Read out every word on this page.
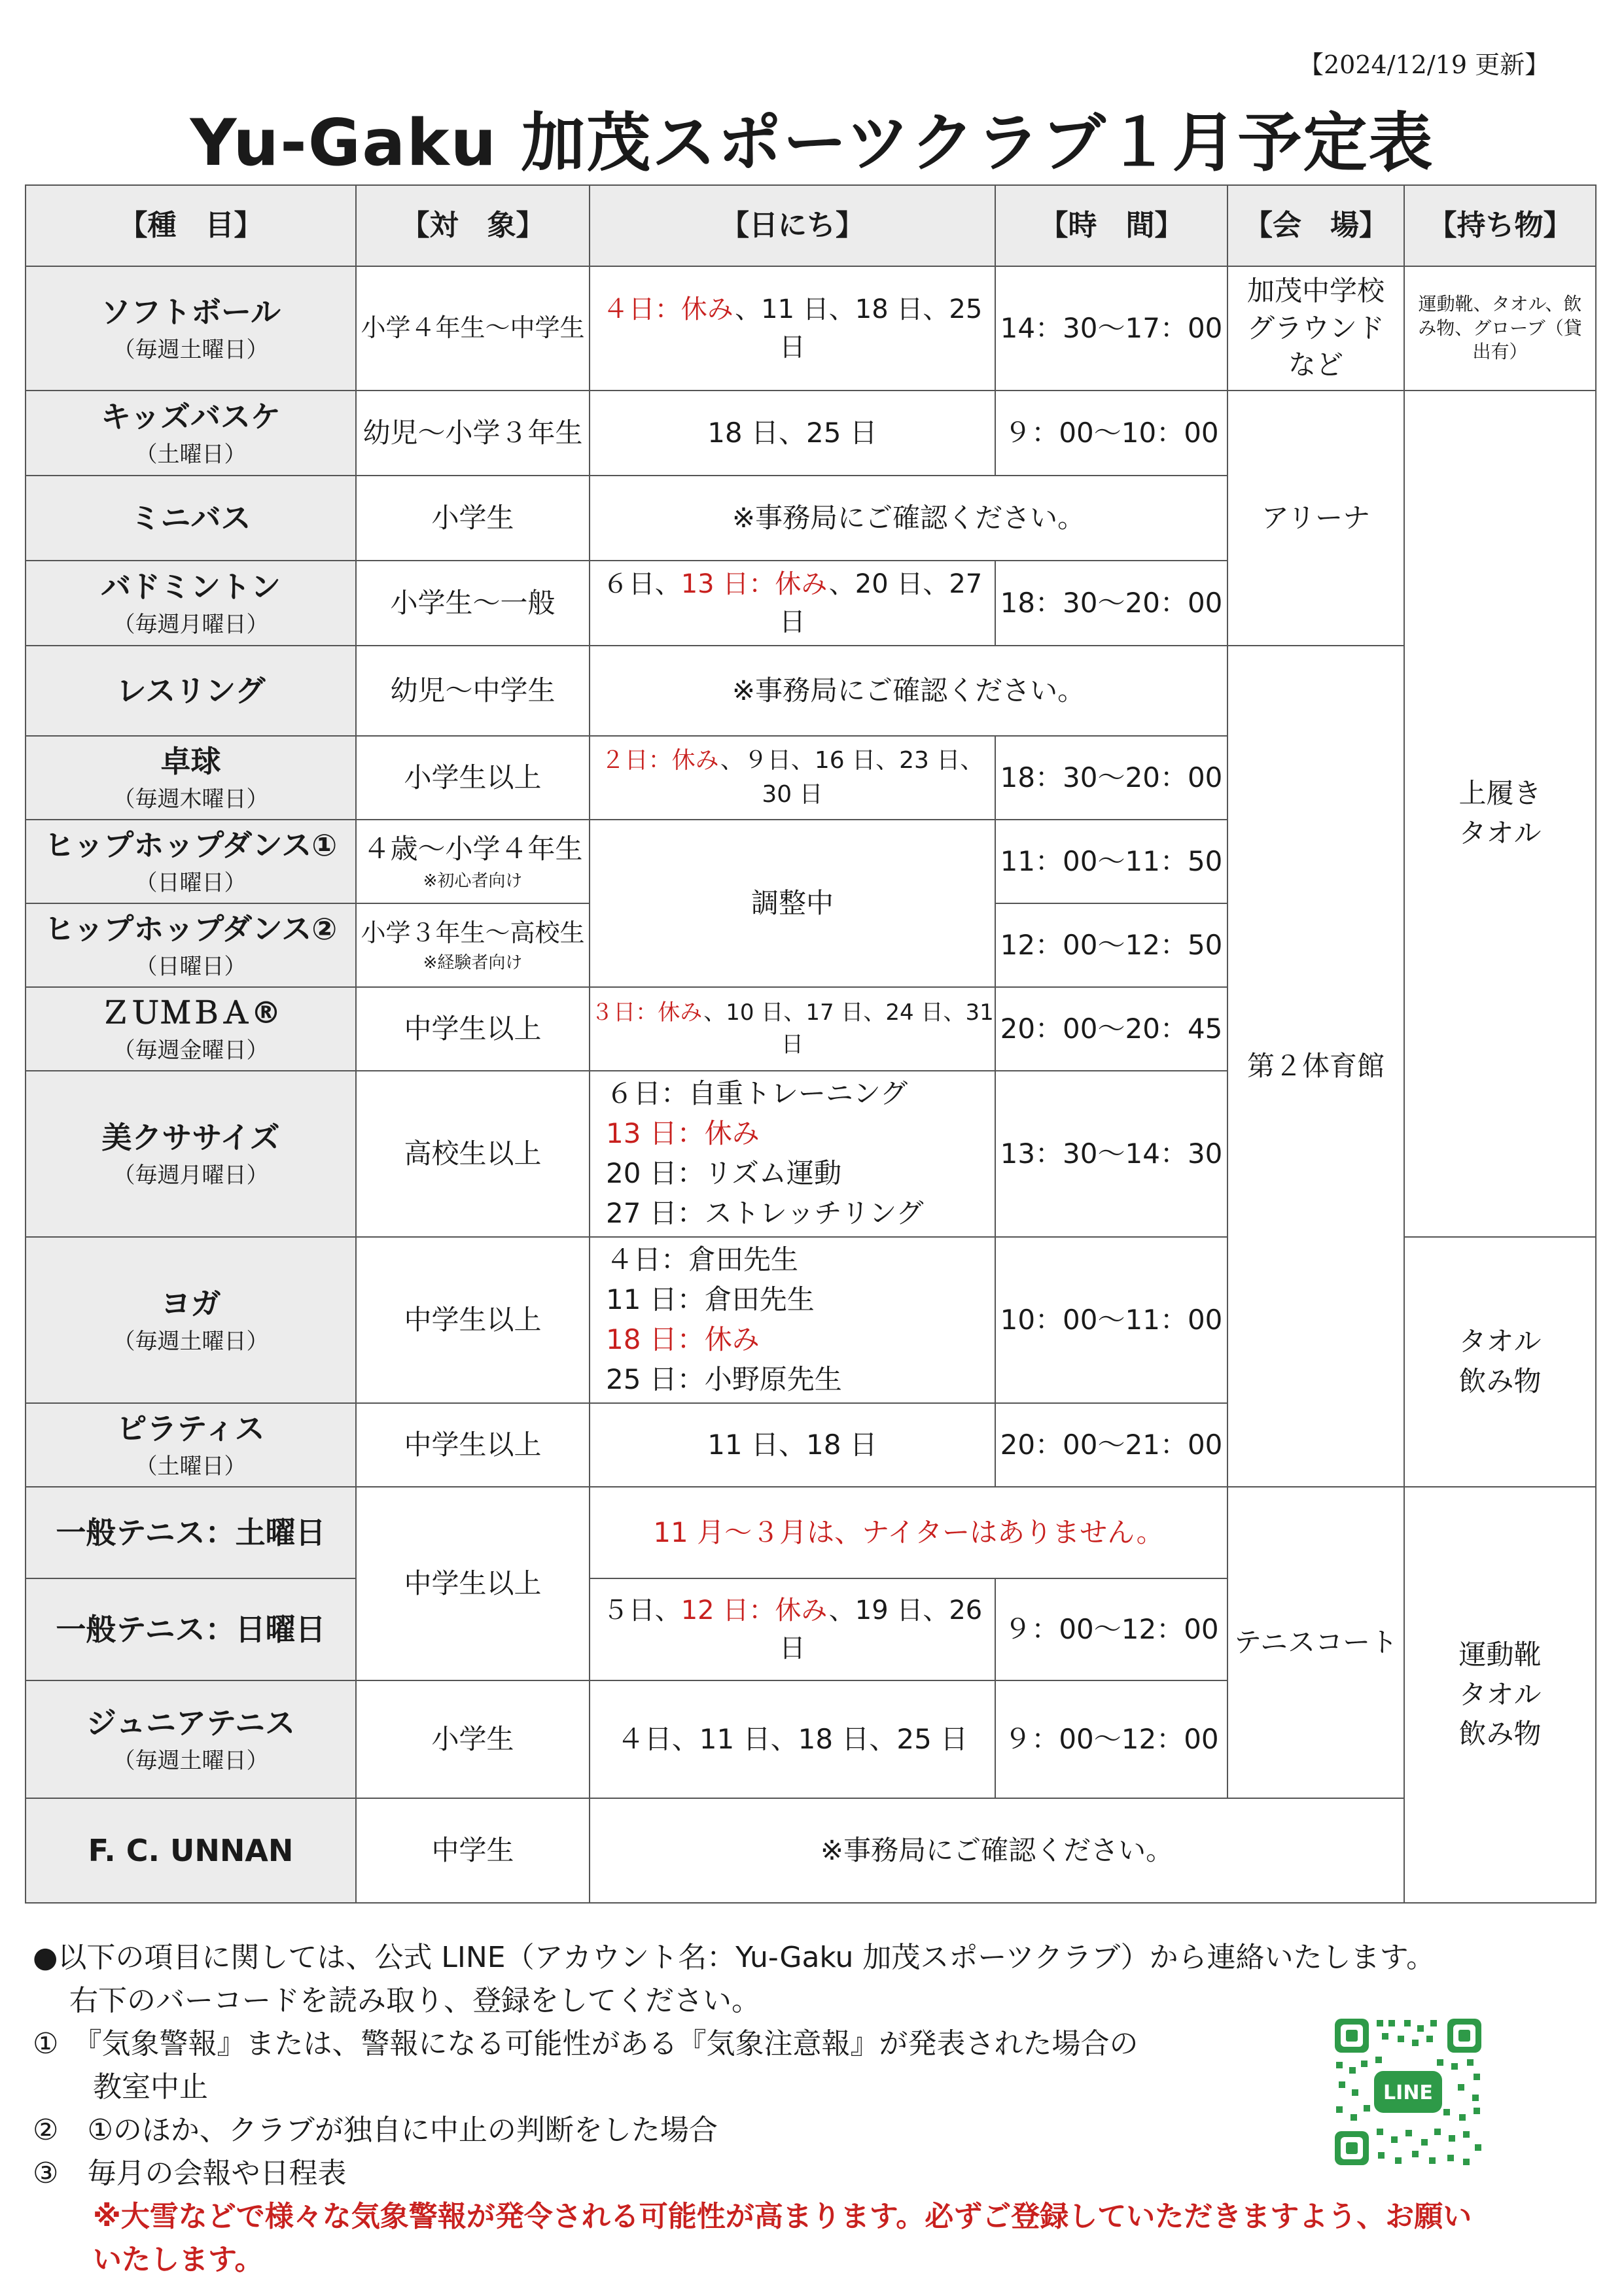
【2024/12/19 更新】
Yu-Gaku 加茂スポーツクラブ１月予定表
【種　目】	【対　象】	【日にち】	【時　間】	【会　場】	【持ち物】

ソフトボール
（毎週土曜日）	小学４年生～中学生	４日：休み、11 日、18 日、25 日	14：30～17：00	加茂中学校グラウンドなど	運動靴、タオル、飲み物、グローブ（貸出有）

キッズバスケ
（土曜日）	幼児～小学３年生	18 日、25 日	９：00～10：00	アリーナ	上履き
タオル

ミニバス	小学生	※事務局にご確認ください。			

バドミントン
（毎週月曜日）	小学生～一般	６日、13 日：休み、20 日、27 日	18：30～20：00		

レスリング	幼児～中学生	※事務局にご確認ください。		第２体育館	

卓球
（毎週木曜日）	小学生以上	２日：休み、９日、16 日、23 日、30 日	18：30～20：00		

ヒップホップダンス①
（日曜日）	４歳～小学４年生
※初心者向け	調整中	11：00～11：50		

ヒップホップダンス②
（日曜日）	小学３年生～高校生
※経験者向け		12：00～12：50		

ＺＵＭＢＡ®
（毎週金曜日）	中学生以上	３日：休み、10 日、17 日、24 日、31 日	20：00～20：45		

美クササイズ
（毎週月曜日）	高校生以上	６日：自重トレーニング
13 日：休み
20 日：リズム運動
27 日：ストレッチリング	13：30～14：30		

ヨガ
（毎週土曜日）	中学生以上	４日：倉田先生
11 日：倉田先生
18 日：休み
25 日：小野原先生	10：00～11：00		タオル
飲み物

ピラティス
（土曜日）	中学生以上	11 日、18 日	20：00～21：00		

一般テニス：土曜日	中学生以上	11 月～３月は、ナイターはありません。		テニスコート	運動靴
タオル
飲み物

一般テニス：日曜日		５日、12 日：休み、19 日、26 日	９：00～12：00		

ジュニアテニス
（毎週土曜日）	小学生	４日、11 日、18 日、25 日	９：00～12：00		

F. C. UNNAN	中学生	※事務局にご確認ください。			

●以下の項目に関しては、公式 LINE（アカウント名：Yu-Gaku 加茂スポーツクラブ）から連絡いたします。

右下のバーコードを読み取り、登録をしてください。

①　『気象警報』または、警報になる可能性がある『気象注意報』が発表された場合の

教室中止

②　①のほか、クラブが独自に中止の判断をした場合

③　毎月の会報や日程表

※大雪などで様々な気象警報が発令される可能性が高まります。必ずご登録していただきますよう、お願い

いたします。

LINE
